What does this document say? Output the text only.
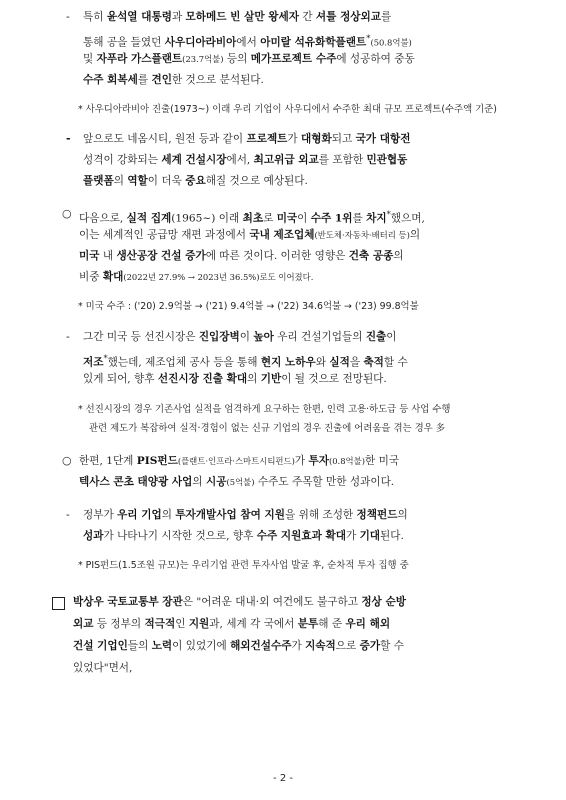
- 특히 윤석열 대통령과 모하메드 빈 살만 왕세자 간 셔틀 정상외교를
통해 공을 들였던 사우디아라비아에서 아미랄 석유화학플랜트*(50.8억불)
및 자푸라 가스플랜트(23.7억불) 등의 메가프로젝트 수주에 성공하여 중동
수주 회복세를 견인한 것으로 분석된다.
* 사우디아라비아 진출(1973~) 이래 우리 기업이 사우디에서 수주한 최대 규모 프로젝트(수주액 기준)
- 앞으로도 네옴시티, 원전 등과 같이 프로젝트가 대형화되고 국가 대항전
성격이 강화되는 세계 건설시장에서, 최고위급 외교를 포함한 민관협동
플랫폼의 역할이 더욱 중요해질 것으로 예상된다.
○ 다음으로, 실적 집계(1965~) 이래 최초로 미국이 수주 1위를 차지*했으며,
이는 세계적인 공급망 재편 과정에서 국내 제조업체(반도체·자동차·배터리 등)의
미국 내 생산공장 건설 증가에 따른 것이다. 이러한 영향은 건축 공종의
비중 확대(2022년 27.9% → 2023년 36.5%)로도 이어졌다.
* 미국 수주 : ('20) 2.9억불 → ('21) 9.4억불 → ('22) 34.6억불 → ('23) 99.8억불
- 그간 미국 등 선진시장은 진입장벽이 높아 우리 건설기업들의 진출이
저조*했는데, 제조업체 공사 등을 통해 현지 노하우와 실적을 축적할 수
있게 되어, 향후 선진시장 진출 확대의 기반이 될 것으로 전망된다.
* 선진시장의 경우 기존사업 실적을 엄격하게 요구하는 한편, 인력 고용·하도급 등 사업 수행
관련 제도가 복잡하여 실적·경험이 없는 신규 기업의 경우 진출에 어려움을 겪는 경우 多
○ 한편, 1단계 PIS펀드(플랜트·인프라·스마트시티펀드)가 투자(0.8억불)한 미국
텍사스 콘초 태양광 사업의 시공(5억불) 수주도 주목할 만한 성과이다.
- 정부가 우리 기업의 투자개발사업 참여 지원을 위해 조성한 정책펀드의
성과가 나타나기 시작한 것으로, 향후 수주 지원효과 확대가 기대된다.
* PIS펀드(1.5조원 규모)는 우리기업 관련 투자사업 발굴 후, 순차적 투자 집행 중
박상우 국토교통부 장관은 "어려운 대내·외 여건에도 불구하고 정상 순방
외교 등 정부의 적극적인 지원과, 세계 각 국에서 분투해 준 우리 해외
건설 기업인들의 노력이 있었기에 해외건설수주가 지속적으로 증가할 수
있었다"면서,
- 2 -
